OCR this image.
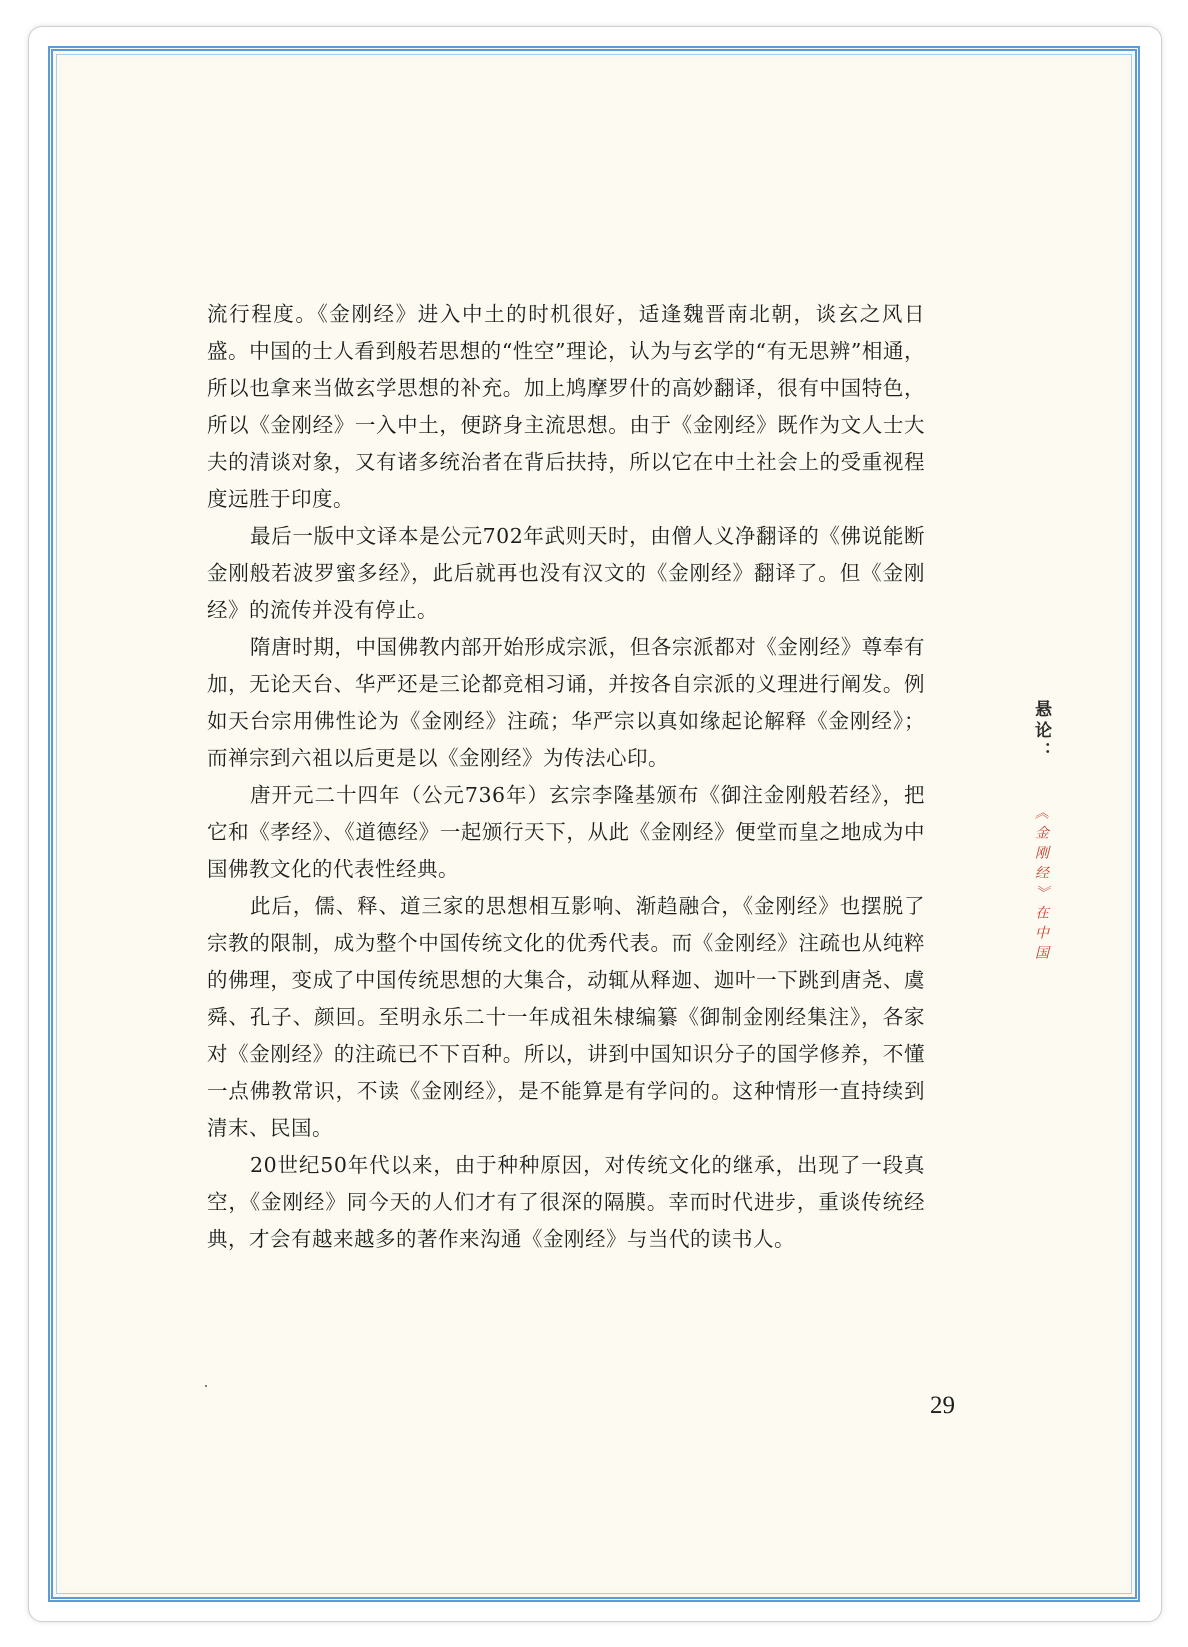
流行程度。《金刚经》进入中土的时机很好，适逢魏晋南北朝，谈玄之风日盛。中国的士人看到般若思想的“性空”理论，认为与玄学的“有无思辨”相通，所以也拿来当做玄学思想的补充。加上鸠摩罗什的高妙翻译，很有中国特色，所以《金刚经》一入中土，便跻身主流思想。由于《金刚经》既作为文人士大夫的清谈对象，又有诸多统治者在背后扶持，所以它在中土社会上的受重视程度远胜于印度。

最后一版中文译本是公元702年武则天时，由僧人义净翻译的《佛说能断金刚般若波罗蜜多经》，此后就再也没有汉文的《金刚经》翻译了。但《金刚经》的流传并没有停止。

隋唐时期，中国佛教内部开始形成宗派，但各宗派都对《金刚经》尊奉有加，无论天台、华严还是三论都竞相习诵，并按各自宗派的义理进行阐发。例如天台宗用佛性论为《金刚经》注疏；华严宗以真如缘起论解释《金刚经》；而禅宗到六祖以后更是以《金刚经》为传法心印。

唐开元二十四年（公元736年）玄宗李隆基颁布《御注金刚般若经》，把它和《孝经》、《道德经》一起颁行天下，从此《金刚经》便堂而皇之地成为中国佛教文化的代表性经典。

此后，儒、释、道三家的思想相互影响、渐趋融合，《金刚经》也摆脱了宗教的限制，成为整个中国传统文化的优秀代表。而《金刚经》注疏也从纯粹的佛理，变成了中国传统思想的大集合，动辄从释迦、迦叶一下跳到唐尧、虞舜、孔子、颜回。至明永乐二十一年成祖朱棣编纂《御制金刚经集注》，各家对《金刚经》的注疏已不下百种。所以，讲到中国知识分子的国学修养，不懂一点佛教常识，不读《金刚经》，是不能算是有学问的。这种情形一直持续到清末、民国。

20世纪50年代以来，由于种种原因，对传统文化的继承，出现了一段真空，《金刚经》同今天的人们才有了很深的隔膜。幸而时代进步，重谈传统经典，才会有越来越多的著作来沟通《金刚经》与当代的读书人。

悬论： 《金刚经》在中国
29
